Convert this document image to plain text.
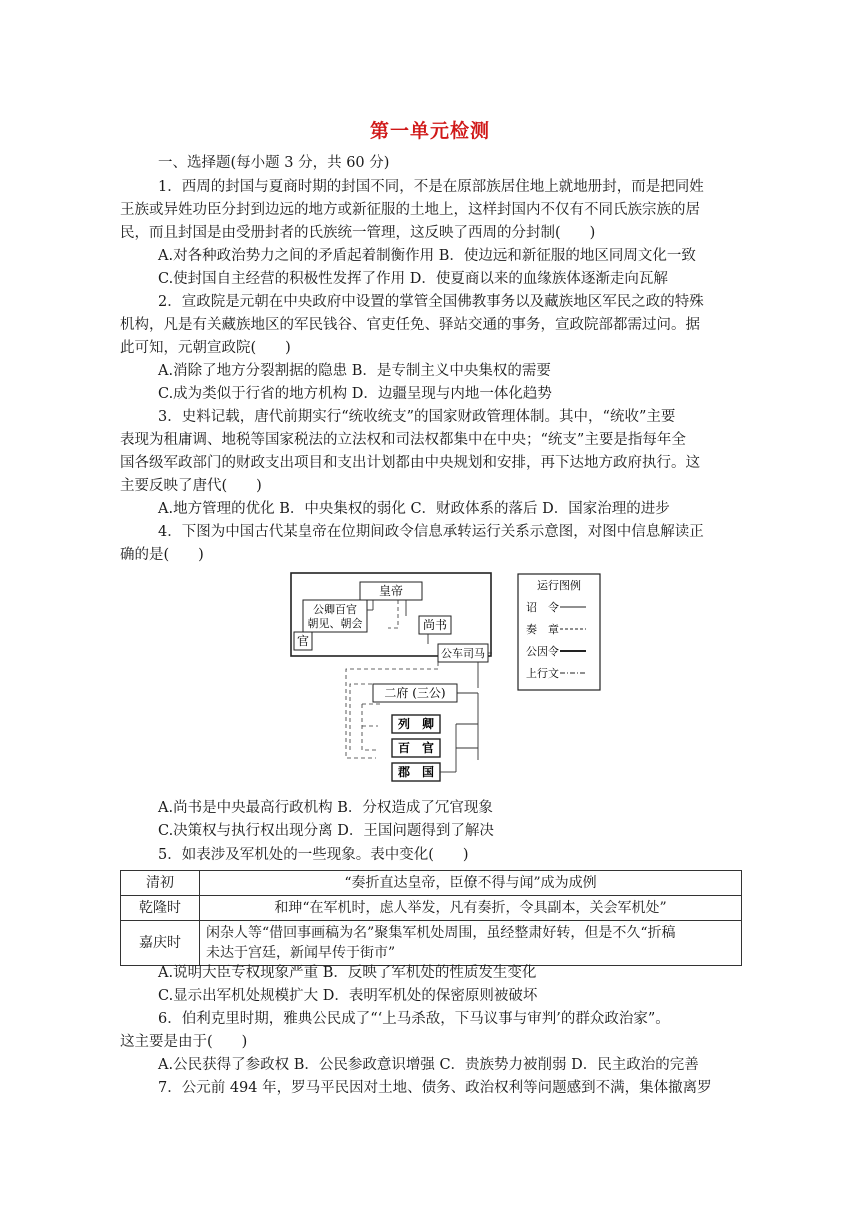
第一单元检测
一、选择题(每小题 3 分，共 60 分)
1．西周的封国与夏商时期的封国不同，不是在原部族居住地上就地册封，而是把同姓
王族或异姓功臣分封到边远的地方或新征服的土地上，这样封国内不仅有不同氏族宗族的居
民，而且封国是由受册封者的氏族统一管理，这反映了西周的分封制(　　)
A.对各种政治势力之间的矛盾起着制衡作用 B．使边远和新征服的地区同周文化一致
C.使封国自主经营的积极性发挥了作用 D．使夏商以来的血缘族体逐渐走向瓦解
2．宣政院是元朝在中央政府中设置的掌管全国佛教事务以及藏族地区军民之政的特殊
机构，凡是有关藏族地区的军民钱谷、官吏任免、驿站交通的事务，宣政院部都需过问。据
此可知，元朝宣政院(　　)
A.消除了地方分裂割据的隐患 B．是专制主义中央集权的需要
C.成为类似于行省的地方机构 D．边疆呈现与内地一体化趋势
3．史料记载，唐代前期实行“统收统支”的国家财政管理体制。其中，“统收”主要
表现为租庸调、地税等国家税法的立法权和司法权都集中在中央；“统支”主要是指每年全
国各级军政部门的财政支出项目和支出计划都由中央规划和安排，再下达地方政府执行。这
主要反映了唐代(　　)
A.地方管理的优化 B．中央集权的弱化 C．财政体系的落后 D．国家治理的进步
4．下图为中国古代某皇帝在位期间政令信息承转运行关系示意图，对图中信息解读正
确的是(　　)
皇帝
公卿百官
朝见、朝会
官
尚书
公车司马
二府 (三公)
列　卿
百　官
郡　国
运行图例
诏　令
奏　章
公因令
上行文
A.尚书是中央最高行政机构 B．分权造成了冗官现象
C.决策权与执行权出现分离 D．王国问题得到了解决
5．如表涉及军机处的一些现象。表中变化(　　)
清初	“奏折直达皇帝，臣僚不得与闻”成为成例
乾隆时	和珅“在军机时，虑人举发，凡有奏折，令具副本，关会军机处”
嘉庆时	闲杂人等“借回事画稿为名”聚集军机处周围，虽经整肃好转，但是不久“折稿
未达于宫廷，新闻早传于街市”
A.说明大臣专权现象严重 B．反映了军机处的性质发生变化
C.显示出军机处规模扩大 D．表明军机处的保密原则被破坏
6．伯利克里时期，雅典公民成了“‘上马杀敌，下马议事与审判’的群众政治家”。
这主要是由于(　　)
A.公民获得了参政权 B．公民参政意识增强 C．贵族势力被削弱 D．民主政治的完善
7．公元前 494 年，罗马平民因对土地、债务、政治权利等问题感到不满，集体撤离罗
